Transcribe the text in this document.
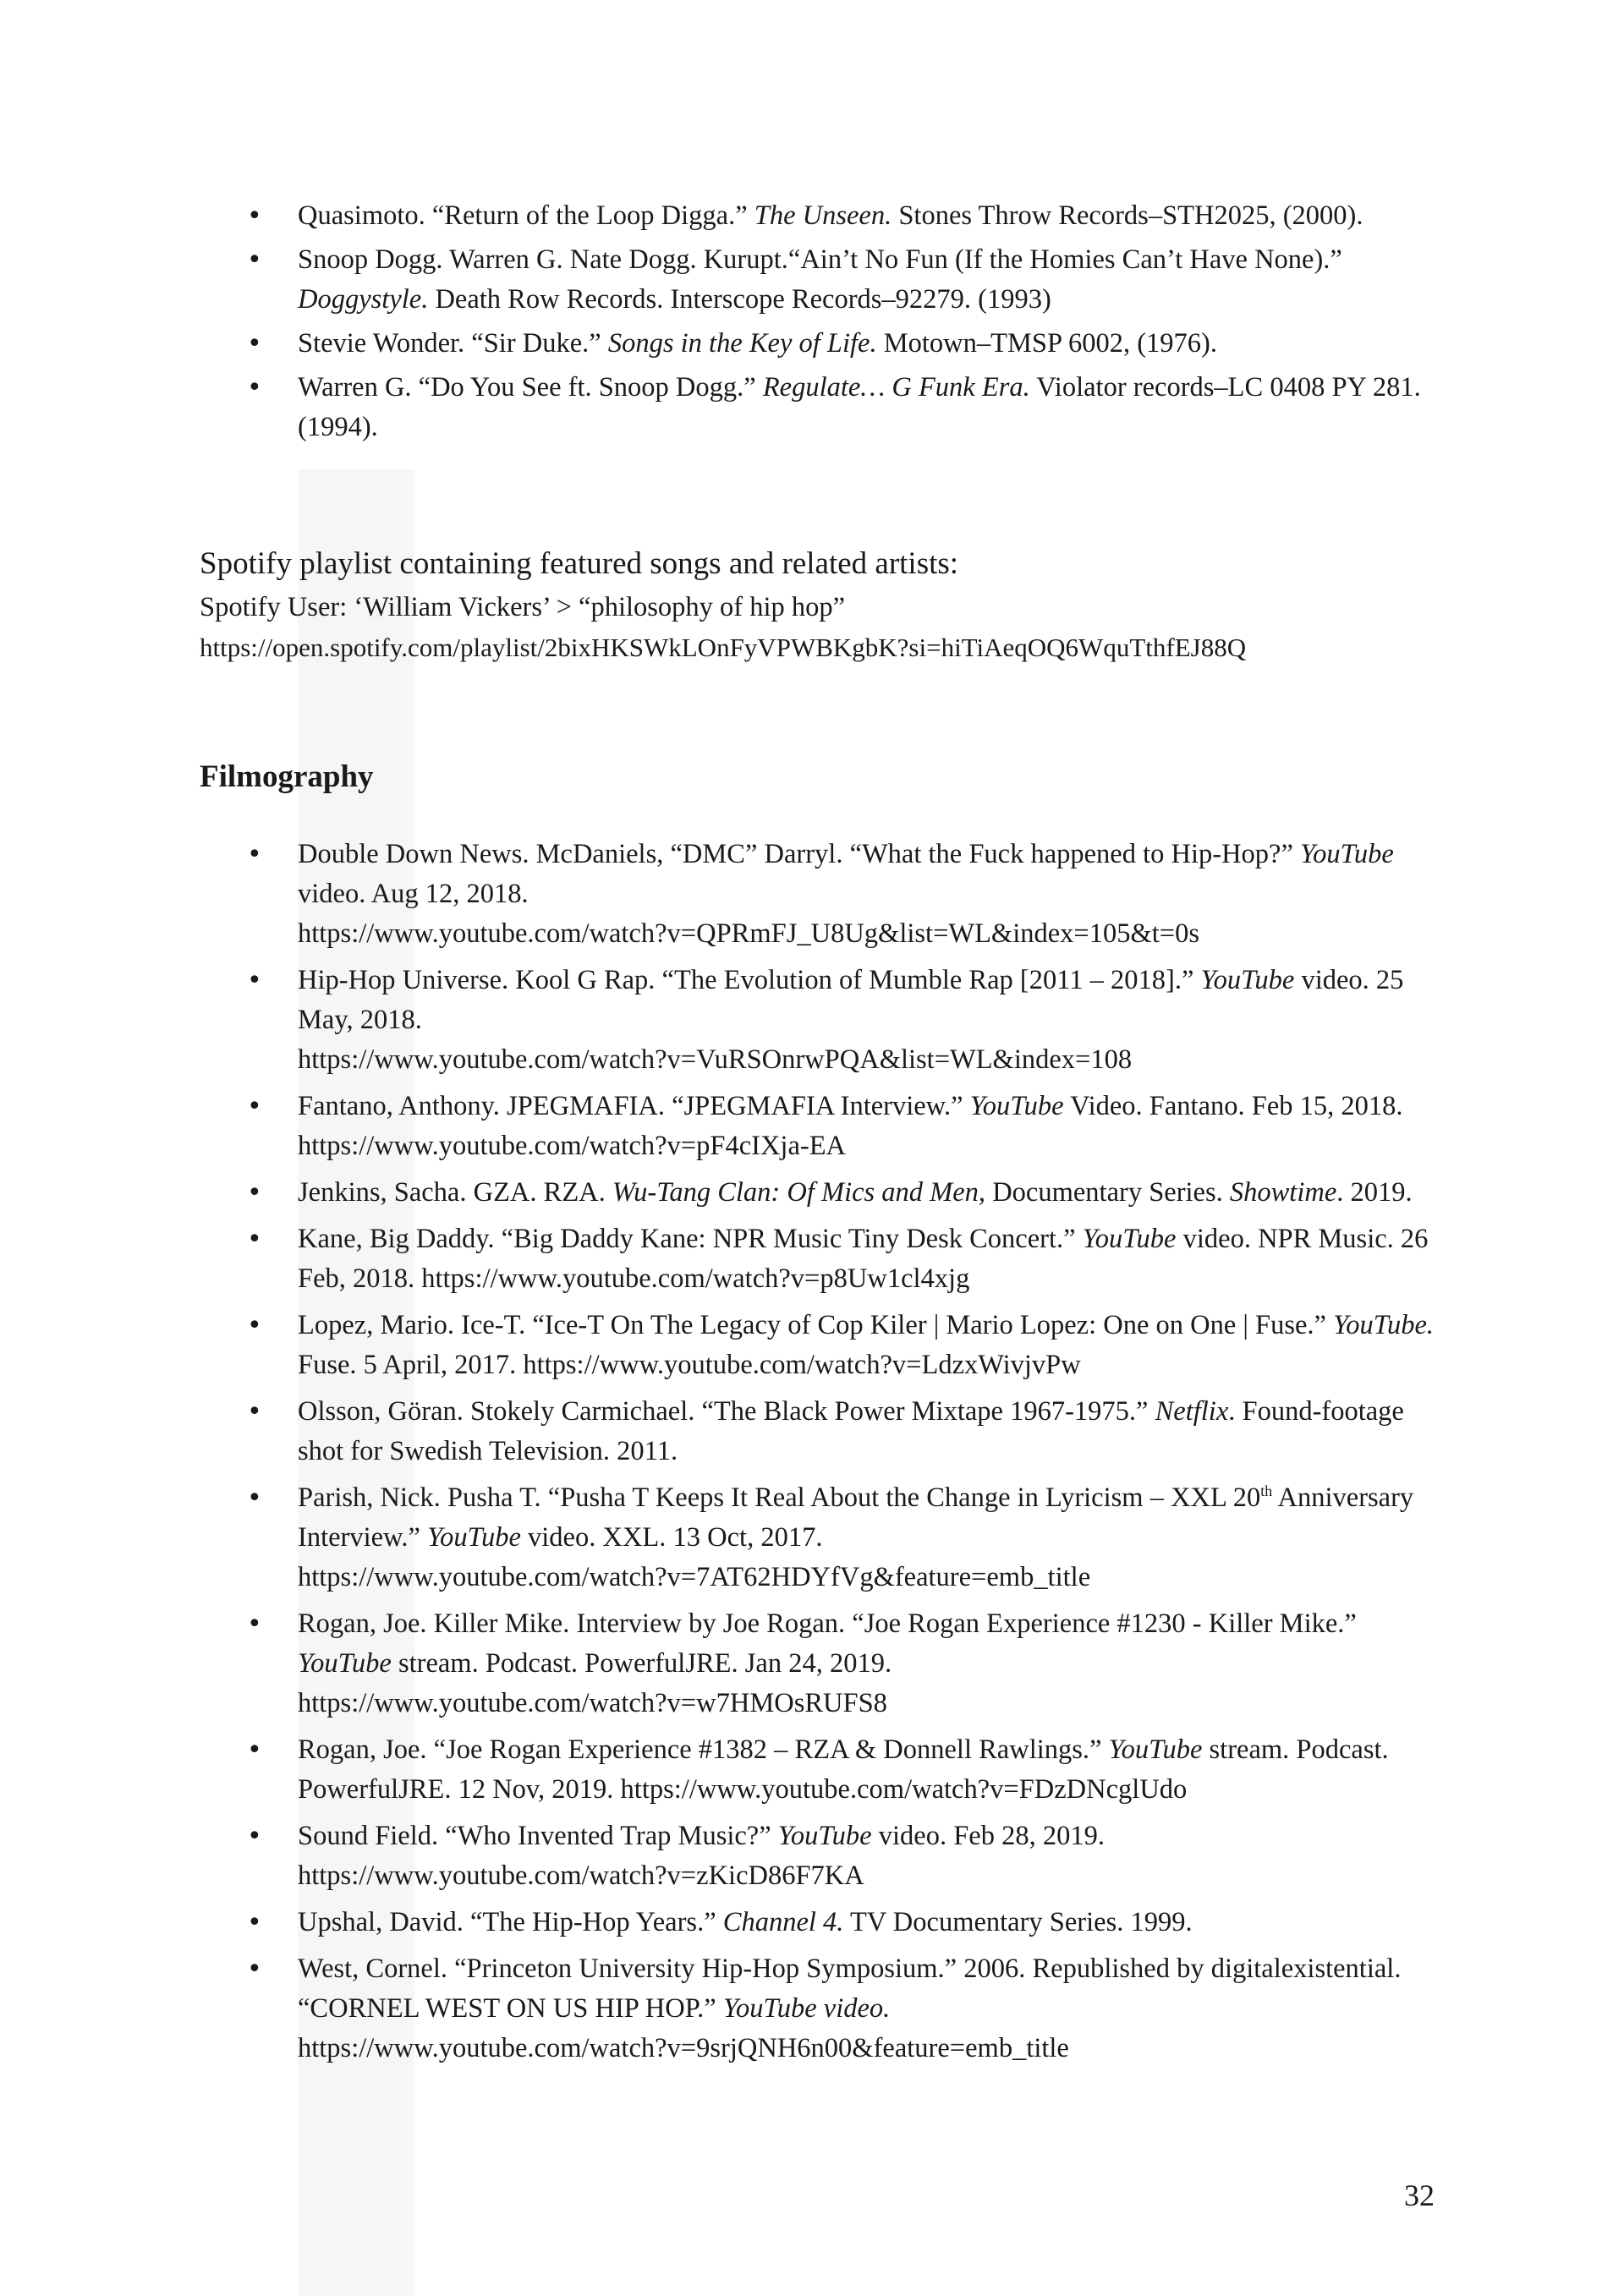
• Quasimoto. “Return of the Loop Digga.” The Unseen. Stones Throw Records–STH2025, (2000).
• Snoop Dogg. Warren G. Nate Dogg. Kurupt.“Ain’t No Fun (If the Homies Can’t Have None).” Doggystyle. Death Row Records. Interscope Records–92279. (1993)
• Stevie Wonder. “Sir Duke.” Songs in the Key of Life. Motown–TMSP 6002, (1976).
• Warren G. “Do You See ft. Snoop Dogg.” Regulate… G Funk Era. Violator records–LC 0408 PY 281. (1994).
Spotify playlist containing featured songs and related artists:
Spotify User: ‘William Vickers’ > “philosophy of hip hop”
https://open.spotify.com/playlist/2bixHKSWkLOnFyVPWBKgbK?si=hiTiAeqOQ6WquTthfEJ88Q
Filmography
• Double Down News. McDaniels, “DMC” Darryl. “What the Fuck happened to Hip-Hop?” YouTube video. Aug 12, 2018.
https://www.youtube.com/watch?v=QPRmFJ_U8Ug&list=WL&index=105&t=0s
• Hip-Hop Universe. Kool G Rap. “The Evolution of Mumble Rap [2011 – 2018].” YouTube video. 25 May, 2018.
https://www.youtube.com/watch?v=VuRSOnrwPQA&list=WL&index=108
• Fantano, Anthony. JPEGMAFIA. “JPEGMAFIA Interview.” YouTube Video. Fantano. Feb 15, 2018. https://www.youtube.com/watch?v=pF4cIXja-EA
• Jenkins, Sacha. GZA. RZA. Wu-Tang Clan: Of Mics and Men, Documentary Series. Showtime. 2019.
• Kane, Big Daddy. “Big Daddy Kane: NPR Music Tiny Desk Concert.” YouTube video. NPR Music. 26 Feb, 2018. https://www.youtube.com/watch?v=p8Uw1cl4xjg
• Lopez, Mario. Ice-T. “Ice-T On The Legacy of Cop Kiler | Mario Lopez: One on One | Fuse.” YouTube. Fuse. 5 April, 2017. https://www.youtube.com/watch?v=LdzxWivjvPw
• Olsson, Göran. Stokely Carmichael. “The Black Power Mixtape 1967-1975.” Netflix. Found-footage shot for Swedish Television. 2011.
• Parish, Nick. Pusha T. “Pusha T Keeps It Real About the Change in Lyricism – XXL 20th Anniversary Interview.” YouTube video. XXL. 13 Oct, 2017.
https://www.youtube.com/watch?v=7AT62HDYfVg&feature=emb_title
• Rogan, Joe. Killer Mike. Interview by Joe Rogan. “Joe Rogan Experience #1230 - Killer Mike.” YouTube stream. Podcast. PowerfulJRE. Jan 24, 2019.
https://www.youtube.com/watch?v=w7HMOsRUFS8
• Rogan, Joe. “Joe Rogan Experience #1382 – RZA & Donnell Rawlings.” YouTube stream. Podcast. PowerfulJRE. 12 Nov, 2019. https://www.youtube.com/watch?v=FDzDNcglUdo
• Sound Field. “Who Invented Trap Music?” YouTube video. Feb 28, 2019.
https://www.youtube.com/watch?v=zKicD86F7KA
• Upshal, David. “The Hip-Hop Years.” Channel 4. TV Documentary Series. 1999.
• West, Cornel. “Princeton University Hip-Hop Symposium.” 2006. Republished by digitalexistential. “CORNEL WEST ON US HIP HOP.” YouTube video.
https://www.youtube.com/watch?v=9srjQNH6n00&feature=emb_title
32
